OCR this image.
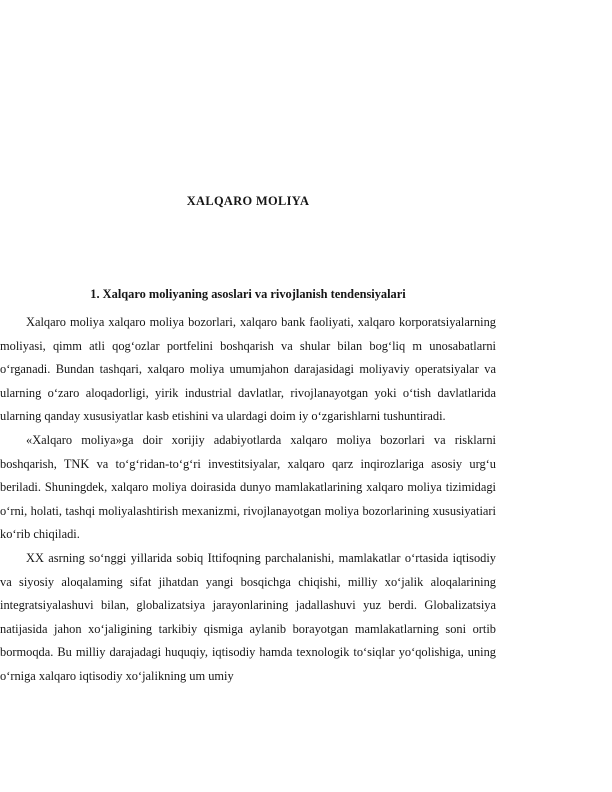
XALQARO MOLIYA
1. Xalqaro moliyaning asoslari va rivojlanish tendensiyalari

Xalqaro moliya xalqaro moliya bozorlari, xalqaro bank faoliyati, xalqaro korporatsiyalarning moliyasi, qimm atli qog‘ozlar portfelini boshqarish va shular bilan bog‘liq m unosabatlarni o‘rganadi. Bundan tashqari, xalqaro moliya umumjahon darajasidagi moliyaviy operatsiyalar va ularning o‘zaro aloqadorligi, yirik industrial davlatlar, rivojlanayotgan yoki o‘tish davlatlarida ularning qanday xususiyatlar kasb etishini va ulardagi doim iy o‘zgarishlarni tushuntiradi.

«Xalqaro moliya»ga doir xorijiy adabiyotlarda xalqaro moliya bozorlari va risklarni boshqarish, TNK va to‘g‘ridan-to‘g‘ri investitsiyalar, xalqaro qarz inqirozlariga asosiy urg‘u beriladi. Shuningdek, xalqaro moliya doirasida dunyo mamlakatlarining xalqaro moliya tizimidagi o‘rni, holati, tashqi moliyalashtirish mexanizmi, rivojlanayotgan moliya bozorlarining xususiyatiari ko‘rib chiqiladi.

XX asrning so‘nggi yillarida sobiq Ittifoqning parchalanishi, mamlakatlar o‘rtasida iqtisodiy va siyosiy aloqalaming sifat jihatdan yangi bosqichga chiqishi, milliy xo‘jalik aloqalarining integratsiyalashuvi bilan, globalizatsiya jarayonlarining jadallashuvi yuz berdi. Globalizatsiya natijasida jahon xo‘jaligining tarkibiy qismiga aylanib borayotgan mamlakatlarning soni ortib bormoqda. Bu milliy darajadagi huquqiy, iqtisodiy hamda texnologik to‘siqlar yo‘qolishiga, uning o‘rniga xalqaro iqtisodiy xo‘jalikning um umiy
